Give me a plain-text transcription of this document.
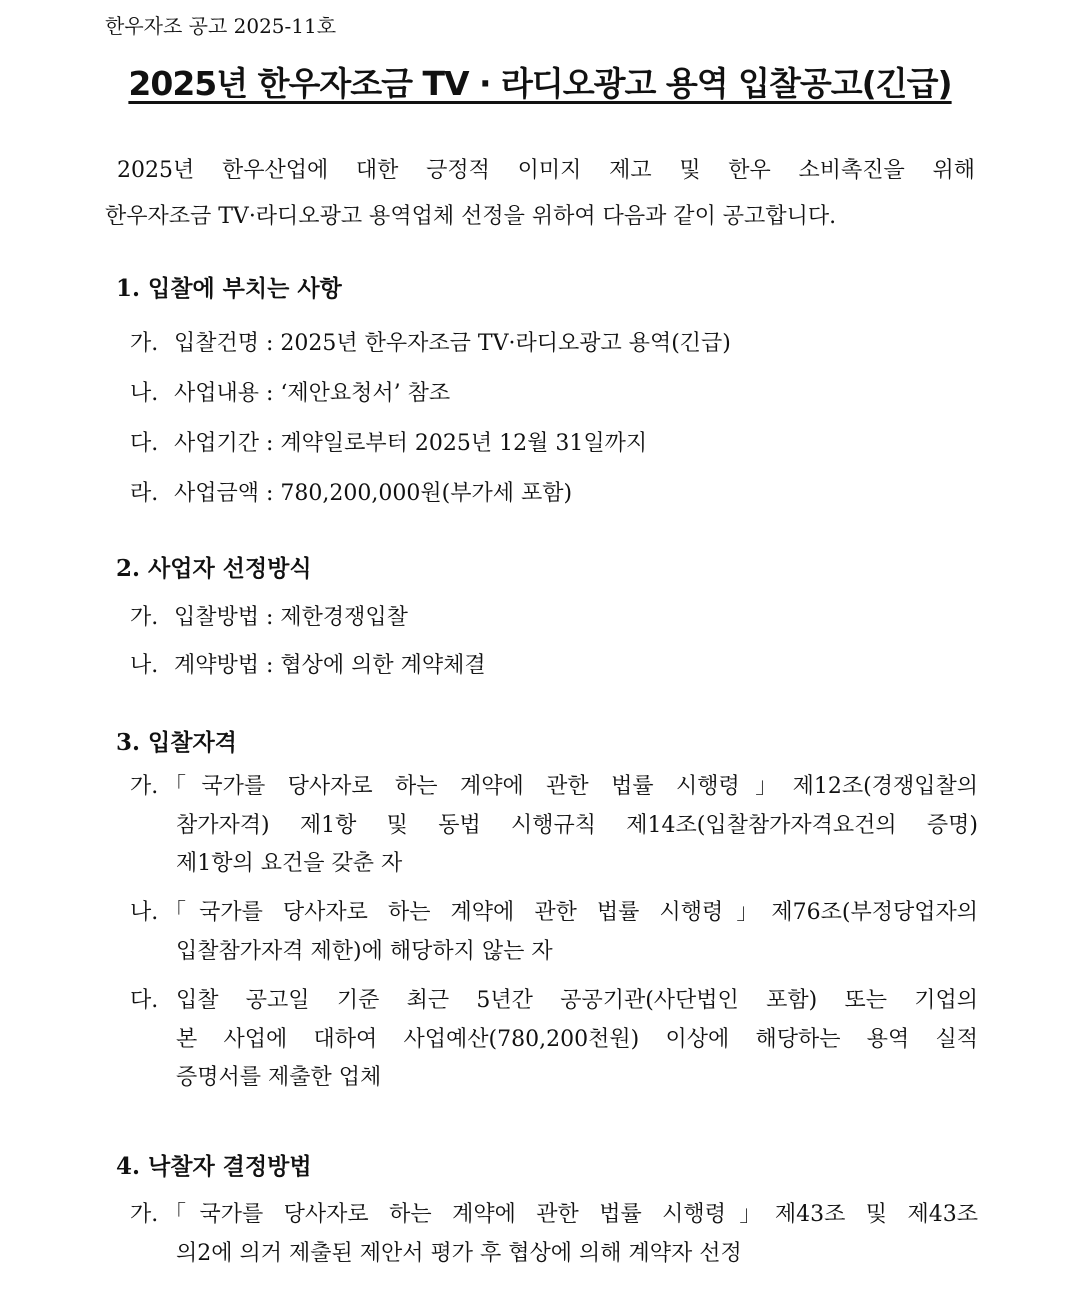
한우자조 공고 2025-11호
2025년 한우자조금 TV · 라디오광고 용역 입찰공고(긴급)
2025년 한우산업에 대한 긍정적 이미지 제고 및 한우 소비촉진을 위해
한우자조금 TV·라디오광고 용역업체 선정을 위하여 다음과 같이 공고합니다.
1. 입찰에 부치는 사항
가. 입찰건명 : 2025년 한우자조금 TV·라디오광고 용역(긴급)
나. 사업내용 : ‘제안요청서’ 참조
다. 사업기간 : 계약일로부터 2025년 12월 31일까지
라. 사업금액 : 780,200,000원(부가세 포함)
2. 사업자 선정방식
가. 입찰방법 : 제한경쟁입찰
나. 계약방법 : 협상에 의한 계약체결
3. 입찰자격
가. 「국가를 당사자로 하는 계약에 관한 법률 시행령」제12조(경쟁입찰의
참가자격) 제1항 및 동법 시행규칙 제14조(입찰참가자격요건의 증명)
제1항의 요건을 갖춘 자
나. 「국가를 당사자로 하는 계약에 관한 법률 시행령」제76조(부정당업자의
입찰참가자격 제한)에 해당하지 않는 자
다. 입찰 공고일 기준 최근 5년간 공공기관(사단법인 포함) 또는 기업의
본 사업에 대하여 사업예산(780,200천원) 이상에 해당하는 용역 실적
증명서를 제출한 업체
4. 낙찰자 결정방법
가. 「국가를 당사자로 하는 계약에 관한 법률 시행령」제43조 및 제43조
의2에 의거 제출된 제안서 평가 후 협상에 의해 계약자 선정
